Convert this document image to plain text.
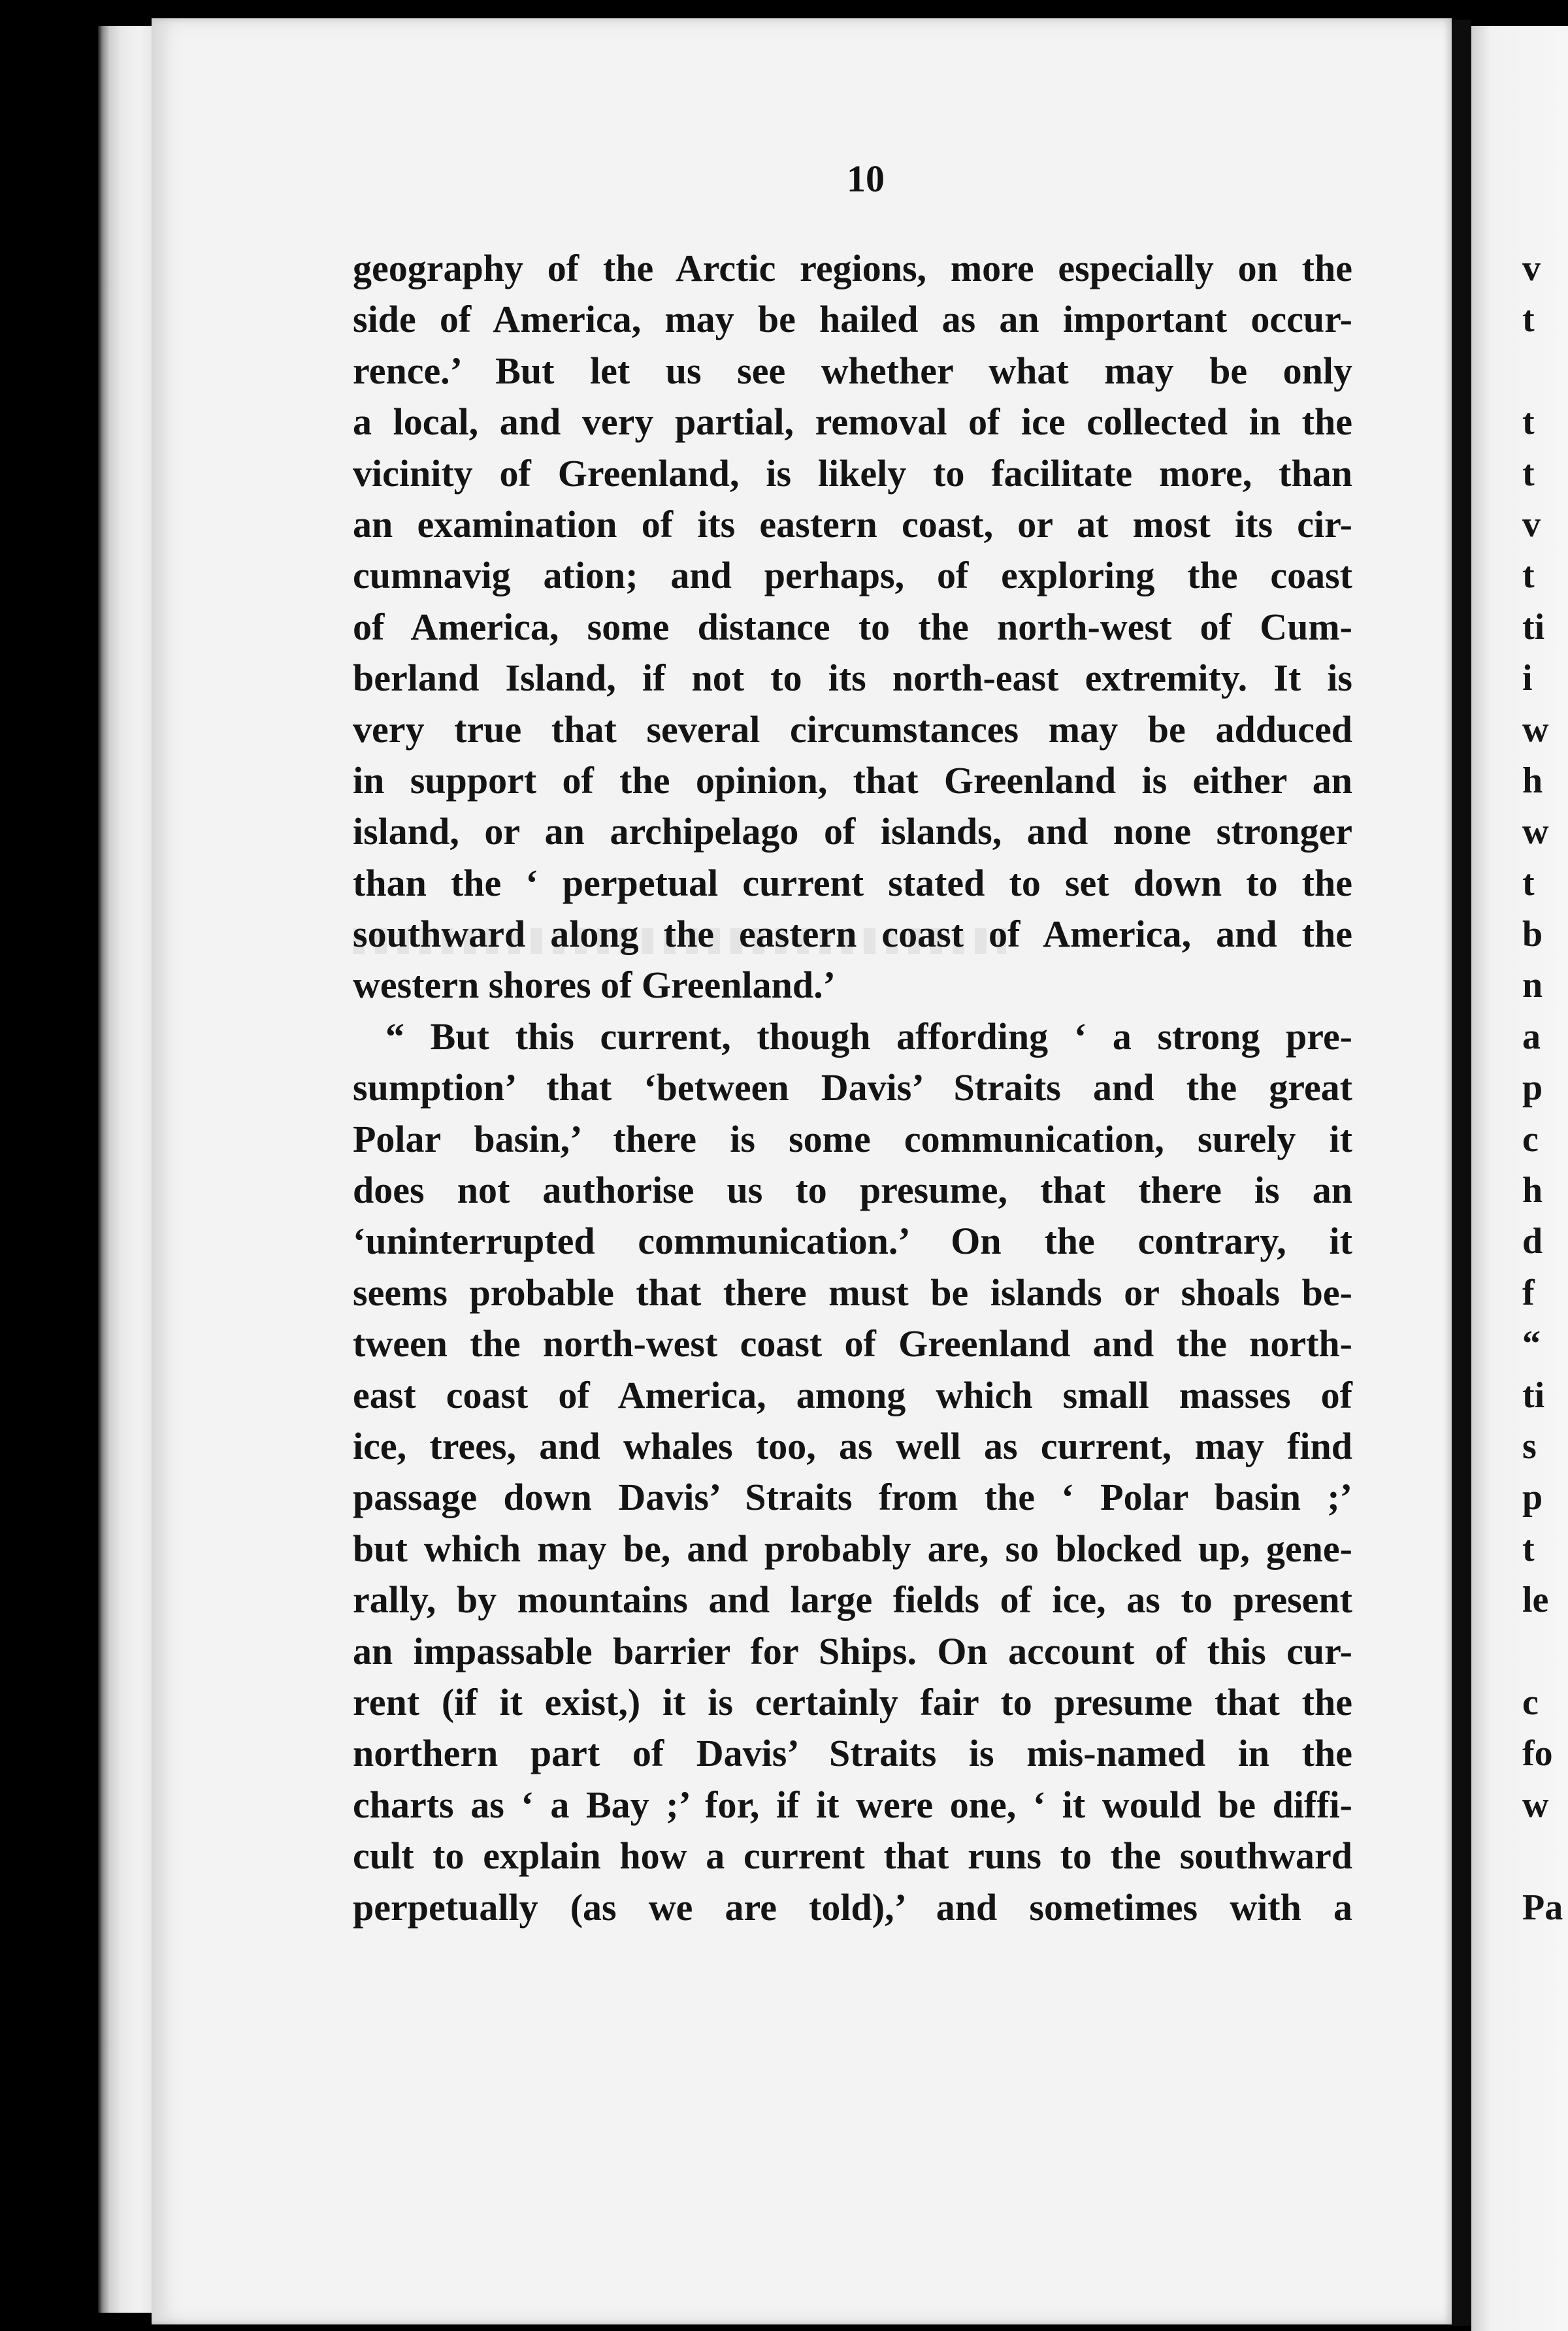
10
geography of the Arctic regions, more especially on the
side of America, may be hailed as an important occur-
rence.’ But let us see whether what may be only
a local, and very partial, removal of ice collected in the
vicinity of Greenland, is likely to facilitate more, than
an examination of its eastern coast, or at most its cir-
cumnavig ation; and perhaps, of exploring the coast
of America, some distance to the north-west of Cum-
berland Island, if not to its north-east extremity. It is
very true that several circumstances may be adduced
in support of the opinion, that Greenland is either an
island, or an archipelago of islands, and none stronger
than the ‘ perpetual current stated to set down to the
southward along the eastern coast of America, and the
western shores of Greenland.’
“ But this current, though affording ‘ a strong pre-
sumption’ that ‘between Davis’ Straits and the great
Polar basin,’ there is some communication, surely it
does not authorise us to presume, that there is an
‘uninterrupted communication.’ On the contrary, it
seems probable that there must be islands or shoals be-
tween the north-west coast of Greenland and the north-
east coast of America, among which small masses of
ice, trees, and whales too, as well as current, may find
passage down Davis’ Straits from the ‘ Polar basin ;’
but which may be, and probably are, so blocked up, gene-
rally, by mountains and large fields of ice, as to present
an impassable barrier for Ships. On account of this cur-
rent (if it exist,) it is certainly fair to presume that the
northern part of Davis’ Straits is mis-named in the
charts as ‘ a Bay ;’ for, if it were one, ‘ it would be diffi-
cult to explain how a current that runs to the southward
perpetually (as we are told),’ and sometimes with a
v
t
t
t
v
t
ti
i
w
h
w
t
b
n
a
p
c
h
d
f
“
ti
s
p
t
le
c
fo
w
Pa
